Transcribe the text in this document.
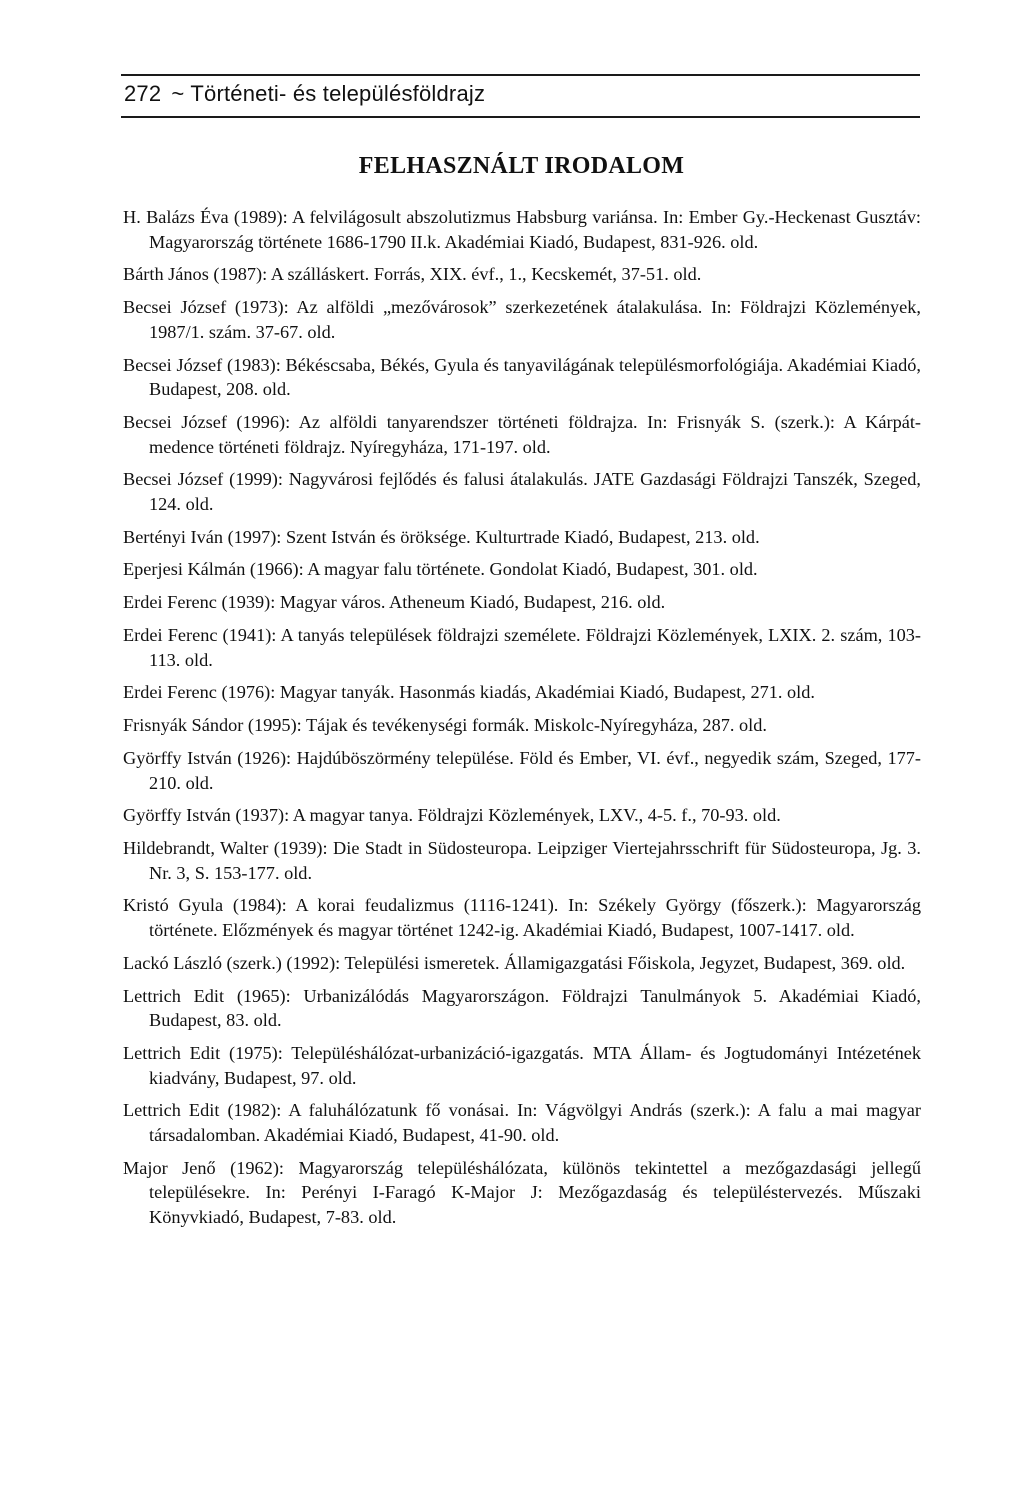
272 ~ Történeti- és településföldrajz
FELHASZNÁLT IRODALOM

H. Balázs Éva (1989): A felvilágosult abszolutizmus Habsburg variánsa. In: Ember Gy.-Heckenast Gusztáv: Magyarország története 1686-1790 II.k. Akadémiai Kiadó, Budapest, 831-926. old.

Bárth János (1987): A szálláskert. Forrás, XIX. évf., 1., Kecskemét, 37-51. old.

Becsei József (1973): Az alföldi „mezővárosok” szerkezetének átalakulása. In: Földrajzi Közlemények, 1987/1. szám. 37-67. old.

Becsei József (1983): Békéscsaba, Békés, Gyula és tanyavilágának településmorfológiája. Akadémiai Kiadó, Budapest, 208. old.

Becsei József (1996): Az alföldi tanyarendszer történeti földrajza. In: Frisnyák S. (szerk.): A Kárpát-medence történeti földrajz. Nyíregyháza, 171-197. old.

Becsei József (1999): Nagyvárosi fejlődés és falusi átalakulás. JATE Gazdasági Földrajzi Tanszék, Szeged, 124. old.

Bertényi Iván (1997): Szent István és öröksége. Kulturtrade Kiadó, Budapest, 213. old.

Eperjesi Kálmán (1966): A magyar falu története. Gondolat Kiadó, Budapest, 301. old.

Erdei Ferenc (1939): Magyar város. Atheneum Kiadó, Budapest, 216. old.

Erdei Ferenc (1941): A tanyás települések földrajzi személete. Földrajzi Közlemények, LXIX. 2. szám, 103-113. old.

Erdei Ferenc (1976): Magyar tanyák. Hasonmás kiadás, Akadémiai Kiadó, Budapest, 271. old.

Frisnyák Sándor (1995): Tájak és tevékenységi formák. Miskolc-Nyíregyháza, 287. old.

Györffy István (1926): Hajdúböszörmény települése. Föld és Ember, VI. évf., negyedik szám, Szeged, 177-210. old.

Györffy István (1937): A magyar tanya. Földrajzi Közlemények, LXV., 4-5. f., 70-93. old.

Hildebrandt, Walter (1939): Die Stadt in Südosteuropa. Leipziger Viertejahrsschrift für Südosteuropa, Jg. 3. Nr. 3, S. 153-177. old.

Kristó Gyula (1984): A korai feudalizmus (1116-1241). In: Székely György (főszerk.): Magyarország története. Előzmények és magyar történet 1242-ig. Akadémiai Kiadó, Budapest, 1007-1417. old.

Lackó László (szerk.) (1992): Települési ismeretek. Államigazgatási Főiskola, Jegyzet, Budapest, 369. old.

Lettrich Edit (1965): Urbanizálódás Magyarországon. Földrajzi Tanulmányok 5. Akadémiai Kiadó, Budapest, 83. old.

Lettrich Edit (1975): Településhálózat-urbanizáció-igazgatás. MTA Állam- és Jogtudományi Intézetének kiadvány, Budapest, 97. old.

Lettrich Edit (1982): A faluhálózatunk fő vonásai. In: Vágvölgyi András (szerk.): A falu a mai magyar társadalomban. Akadémiai Kiadó, Budapest, 41-90. old.

Major Jenő (1962): Magyarország településhálózata, különös tekintettel a mezőgazdasági jellegű településekre. In: Perényi I-Faragó K-Major J: Mezőgazdaság és településtervezés. Műszaki Könyvkiadó, Budapest, 7-83. old.
